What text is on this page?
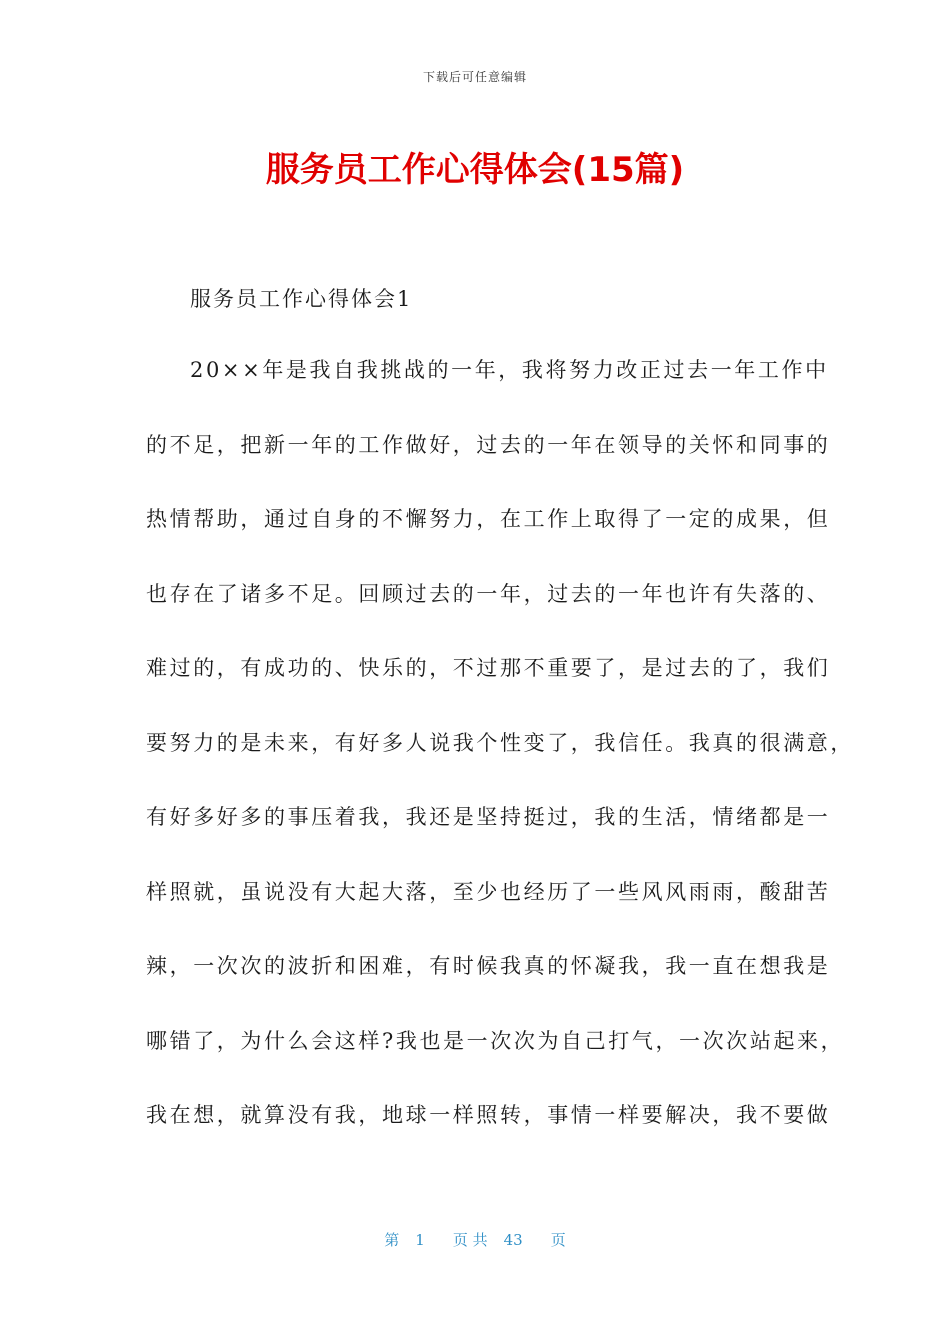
下载后可任意编辑
服务员工作心得体会(15篇)
服务员工作心得体会1
20××年是我自我挑战的一年，我将努力改正过去一年工作中
的不足，把新一年的工作做好，过去的一年在领导的关怀和同事的
热情帮助，通过自身的不懈努力，在工作上取得了一定的成果，但
也存在了诸多不足。回顾过去的一年，过去的一年也许有失落的、
难过的，有成功的、快乐的，不过那不重要了，是过去的了，我们
要努力的是未来，有好多人说我个性变了，我信任。我真的很满意，
有好多好多的事压着我，我还是坚持挺过，我的生活，情绪都是一
样照就，虽说没有大起大落，至少也经历了一些风风雨雨，酸甜苦
辣，一次次的波折和困难，有时候我真的怀凝我，我一直在想我是
哪错了，为什么会这样?我也是一次次为自己打气，一次次站起来，
我在想，就算没有我，地球一样照转，事情一样要解决，我不要做
第 1 页 共 43 页
